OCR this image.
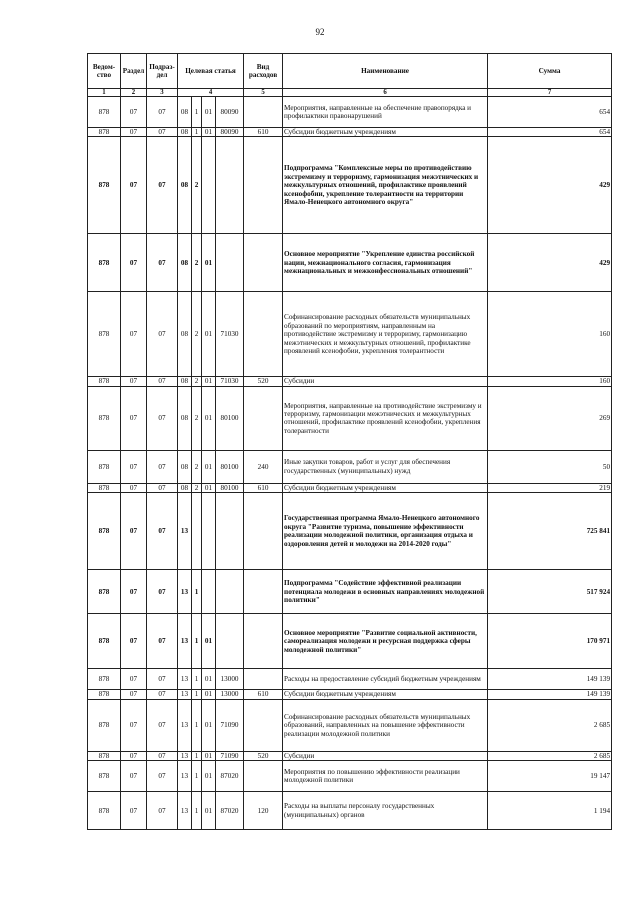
92
Ведом-ство	Раздел	Подраз-дел	Целевая статья				Вид расходов	Наименование	Сумма
1	2	3	4				5	6	7
878	07	07	08	1	01	80090		Мероприятия, направленные на обеспечение правопорядка и профилактики правонарушений	654
878	07	07	08	1	01	80090	610	Субсидии бюджетным учреждениям	654
878	07	07	08	2				Подпрограмма "Комплексные меры по противодействию экстремизму и терроризму, гармонизация межэтнических и межкультурных отношений, профилактике проявлений ксенофобии, укрепление толерантности на территории Ямало-Ненецкого автономного округа"	429
878	07	07	08	2	01			Основное мероприятие "Укрепление единства российской нации, межнационального согласия, гармонизация межнациональных и межконфессиональных отношений"	429
878	07	07	08	2	01	71030		Софинансирование расходных обязательств муниципальных образований по мероприятиям, направленным на противодействие экстремизму и терроризму, гармонизацию межэтнических и межкультурных отношений, профилактике проявлений ксенофобии, укрепления толерантности	160
878	07	07	08	2	01	71030	520	Субсидии	160
878	07	07	08	2	01	80100		Мероприятия, направленные на противодействие экстремизму и терроризму, гармонизации межэтнических и межкультурных отношений, профилактике проявлений ксенофобии, укрепления толерантности	269
878	07	07	08	2	01	80100	240	Иные закупки товаров, работ и услуг для обеспечения государственных (муниципальных) нужд	50
878	07	07	08	2	01	80100	610	Субсидии бюджетным учреждениям	219
878	07	07	13					Государственная программа Ямало-Ненецкого автономного округа "Развитие туризма, повышение эффективности реализации молодежной политики, организация отдыха и оздоровления детей и молодежи на 2014-2020 годы"	725 841
878	07	07	13	1				Подпрограмма "Содействие эффективной реализации потенциала молодежи в основных направлениях молодежной политики"	517 924
878	07	07	13	1	01			Основное мероприятие "Развитие социальной активности, самореализация молодежи и ресурсная поддержка сферы молодежной политики"	170 971
878	07	07	13	1	01	13000		Расходы на предоставление субсидий бюджетным учреждениям	149 139
878	07	07	13	1	01	13000	610	Субсидии бюджетным учреждениям	149 139
878	07	07	13	1	01	71090		Софинансирование расходных обязательств муниципальных образований, направленных на повышение эффективности реализации молодежной политики	2 685
878	07	07	13	1	01	71090	520	Субсидии	2 685
878	07	07	13	1	01	87020		Мероприятия по повышению эффективности реализации молодежной политики	19 147
878	07	07	13	1	01	87020	120	Расходы на выплаты персоналу государственных (муниципальных) органов	1 194
